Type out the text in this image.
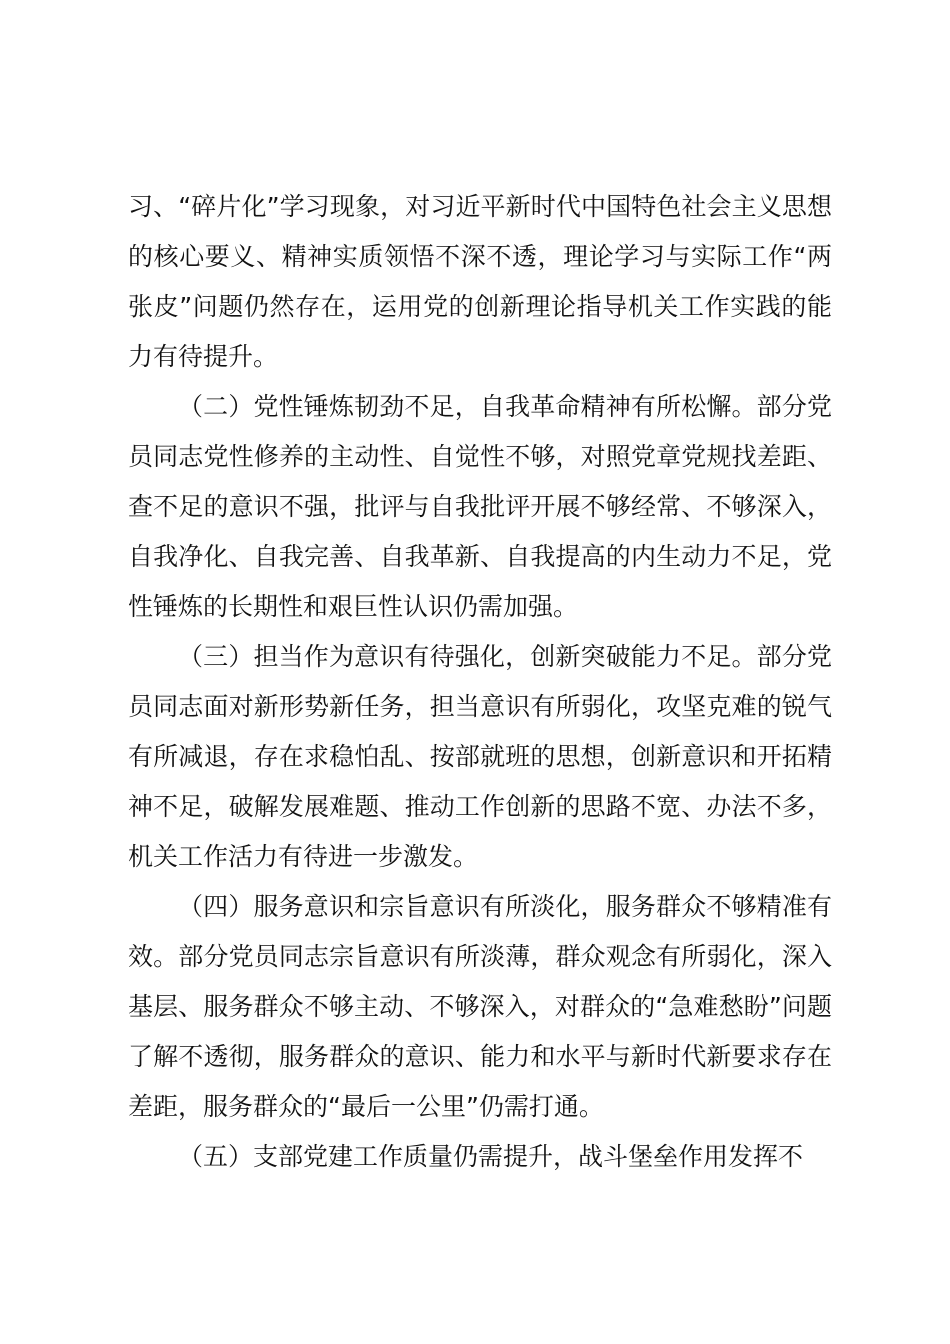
习、“碎片化”学习现象，对习近平新时代中国特色社会主义思想的核心要义、精神实质领悟不深不透，理论学习与实际工作“两张皮”问题仍然存在，运用党的创新理论指导机关工作实践的能力有待提升。

（二）党性锤炼韧劲不足，自我革命精神有所松懈。部分党员同志党性修养的主动性、自觉性不够，对照党章党规找差距、查不足的意识不强，批评与自我批评开展不够经常、不够深入，自我净化、自我完善、自我革新、自我提高的内生动力不足，党性锤炼的长期性和艰巨性认识仍需加强。

（三）担当作为意识有待强化，创新突破能力不足。部分党员同志面对新形势新任务，担当意识有所弱化，攻坚克难的锐气有所减退，存在求稳怕乱、按部就班的思想，创新意识和开拓精神不足，破解发展难题、推动工作创新的思路不宽、办法不多，机关工作活力有待进一步激发。

（四）服务意识和宗旨意识有所淡化，服务群众不够精准有效。部分党员同志宗旨意识有所淡薄，群众观念有所弱化，深入基层、服务群众不够主动、不够深入，对群众的“急难愁盼”问题了解不透彻，服务群众的意识、能力和水平与新时代新要求存在差距，服务群众的“最后一公里”仍需打通。

（五）支部党建工作质量仍需提升，战斗堡垒作用发挥不
